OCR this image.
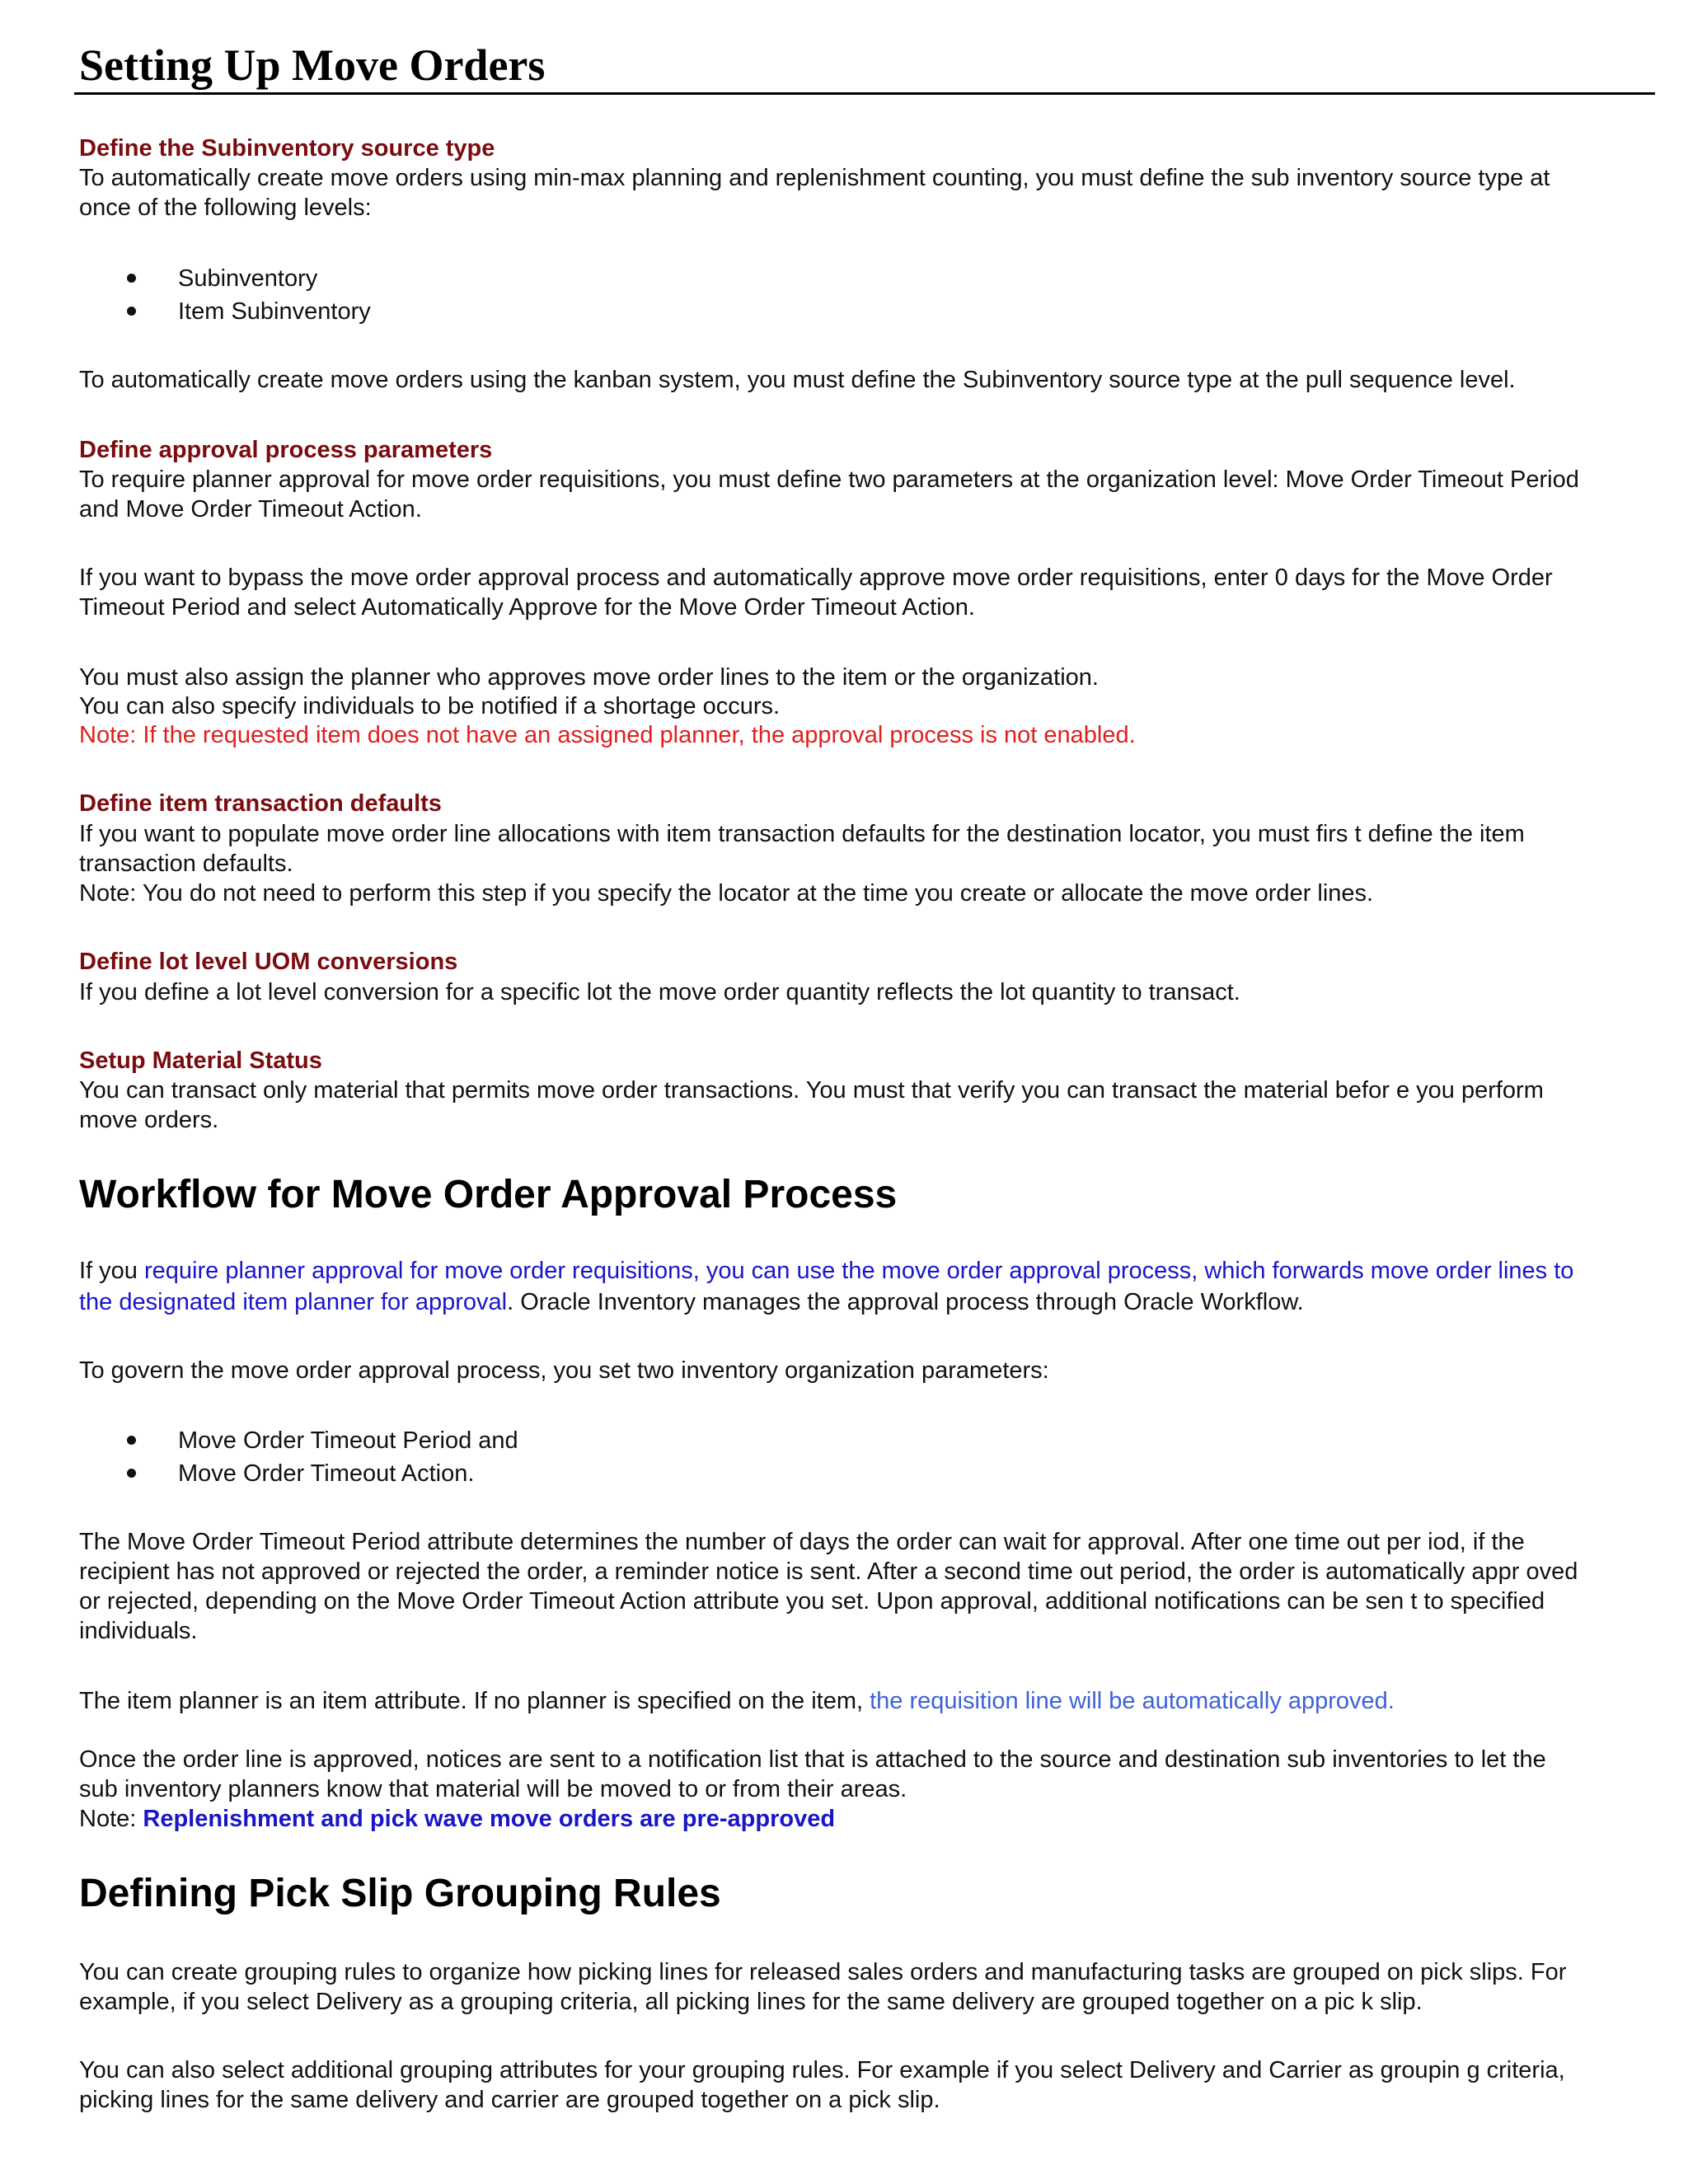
Setting Up Move Orders
Define the Subinventory source type
To automatically create move orders using min-max planning and replenishment counting, you must define the sub inventory source type at
once of the following levels:
Subinventory
Item Subinventory
To automatically create move orders using the kanban system, you must define the Subinventory source type at the pull sequence level.
Define approval process parameters
To require planner approval for move order requisitions, you must define two parameters at the organization level: Move Order Timeout Period
and Move Order Timeout Action.
If you want to bypass the move order approval process and automatically approve move order requisitions, enter 0 days for the Move Order
Timeout Period and select Automatically Approve for the Move Order Timeout Action.
You must also assign the planner who approves move order lines to the item or the organization.
You can also specify individuals to be notified if a shortage occurs.
Note: If the requested item does not have an assigned planner, the approval process is not enabled.
Define item transaction defaults
If you want to populate move order line allocations with item transaction defaults for the destination locator, you must firs t define the item
transaction defaults.
Note: You do not need to perform this step if you specify the locator at the time you create or allocate the move order lines.
Define lot level UOM conversions
If you define a lot level conversion for a specific lot the move order quantity reflects the lot quantity to transact.
Setup Material Status
You can transact only material that permits move order transactions. You must that verify you can transact the material befor e you perform
move orders.
Workflow for Move Order Approval Process
If you require planner approval for move order requisitions, you can use the move order approval process, which forwards move order lines to
the designated item planner for approval. Oracle Inventory manages the approval process through Oracle Workflow.
To govern the move order approval process, you set two inventory organization parameters:
Move Order Timeout Period and
Move Order Timeout Action.
The Move Order Timeout Period attribute determines the number of days the order can wait for approval. After one time out per iod, if the
recipient has not approved or rejected the order, a reminder notice is sent. After a second time out period, the order is automatically appr oved
or rejected, depending on the Move Order Timeout Action attribute you set. Upon approval, additional notifications can be sen t to specified
individuals.
The item planner is an item attribute. If no planner is specified on the item, the requisition line will be automatically approved.
Once the order line is approved, notices are sent to a notification list that is attached to the source and destination sub inventories to let the
sub inventory planners know that material will be moved to or from their areas.
Note: Replenishment and pick wave move orders are pre-approved
Defining Pick Slip Grouping Rules
You can create grouping rules to organize how picking lines for released sales orders and manufacturing tasks are grouped on pick slips. For
example, if you select Delivery as a grouping criteria, all picking lines for the same delivery are grouped together on a pic k slip.
You can also select additional grouping attributes for your grouping rules. For example if you select Delivery and Carrier as groupin g criteria,
picking lines for the same delivery and carrier are grouped together on a pick slip.
